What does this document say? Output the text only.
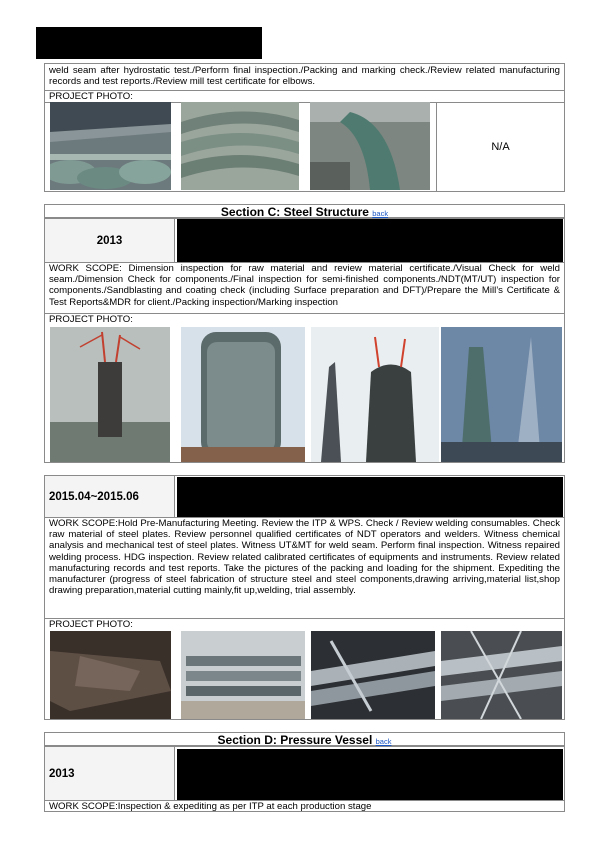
weld seam after hydrostatic test./Perform final inspection./Packing and marking check./Review related manufacturing records and test reports./Review mill test certificate for elbows.
PROJECT PHOTO:
N/A
Section C: Steel Structure back
2013
WORK SCOPE: Dimension inspection for raw material and review material certificate./Visual Check for weld seam./Dimension Check for components./Final inspection for semi-finished components./NDT(MT/UT) inspection for components./Sandblasting and coating check (including Surface preparation and DFT)/Prepare the Mill’s Certificate & Test Reports&MDR for client./Packing inspection/Marking inspection
PROJECT PHOTO:
2015.04~2015.06
WORK SCOPE:Hold Pre-Manufacturing Meeting. Review the ITP & WPS. Check / Review welding consumables. Check raw material of steel plates. Review personnel qualified certificates of NDT operators and welders. Witness chemical analysis and mechanical test of steel plates. Witness UT&MT for weld seam. Perform final inspection. Witness repaired welding process. HDG inspection. Review related calibrated certificates of equipments and instruments. Review related manufacturing records and test reports. Take the pictures of the packing and loading for the shipment. Expediting the manufacturer (progress of steel fabrication of structure steel and steel components,drawing arriving,material list,shop drawing preparation,material cutting mainly,fit up,welding, trial assembly.
PROJECT PHOTO:
Section D: Pressure Vessel back
2013
WORK SCOPE:Inspection & expediting as per ITP at each production stage
